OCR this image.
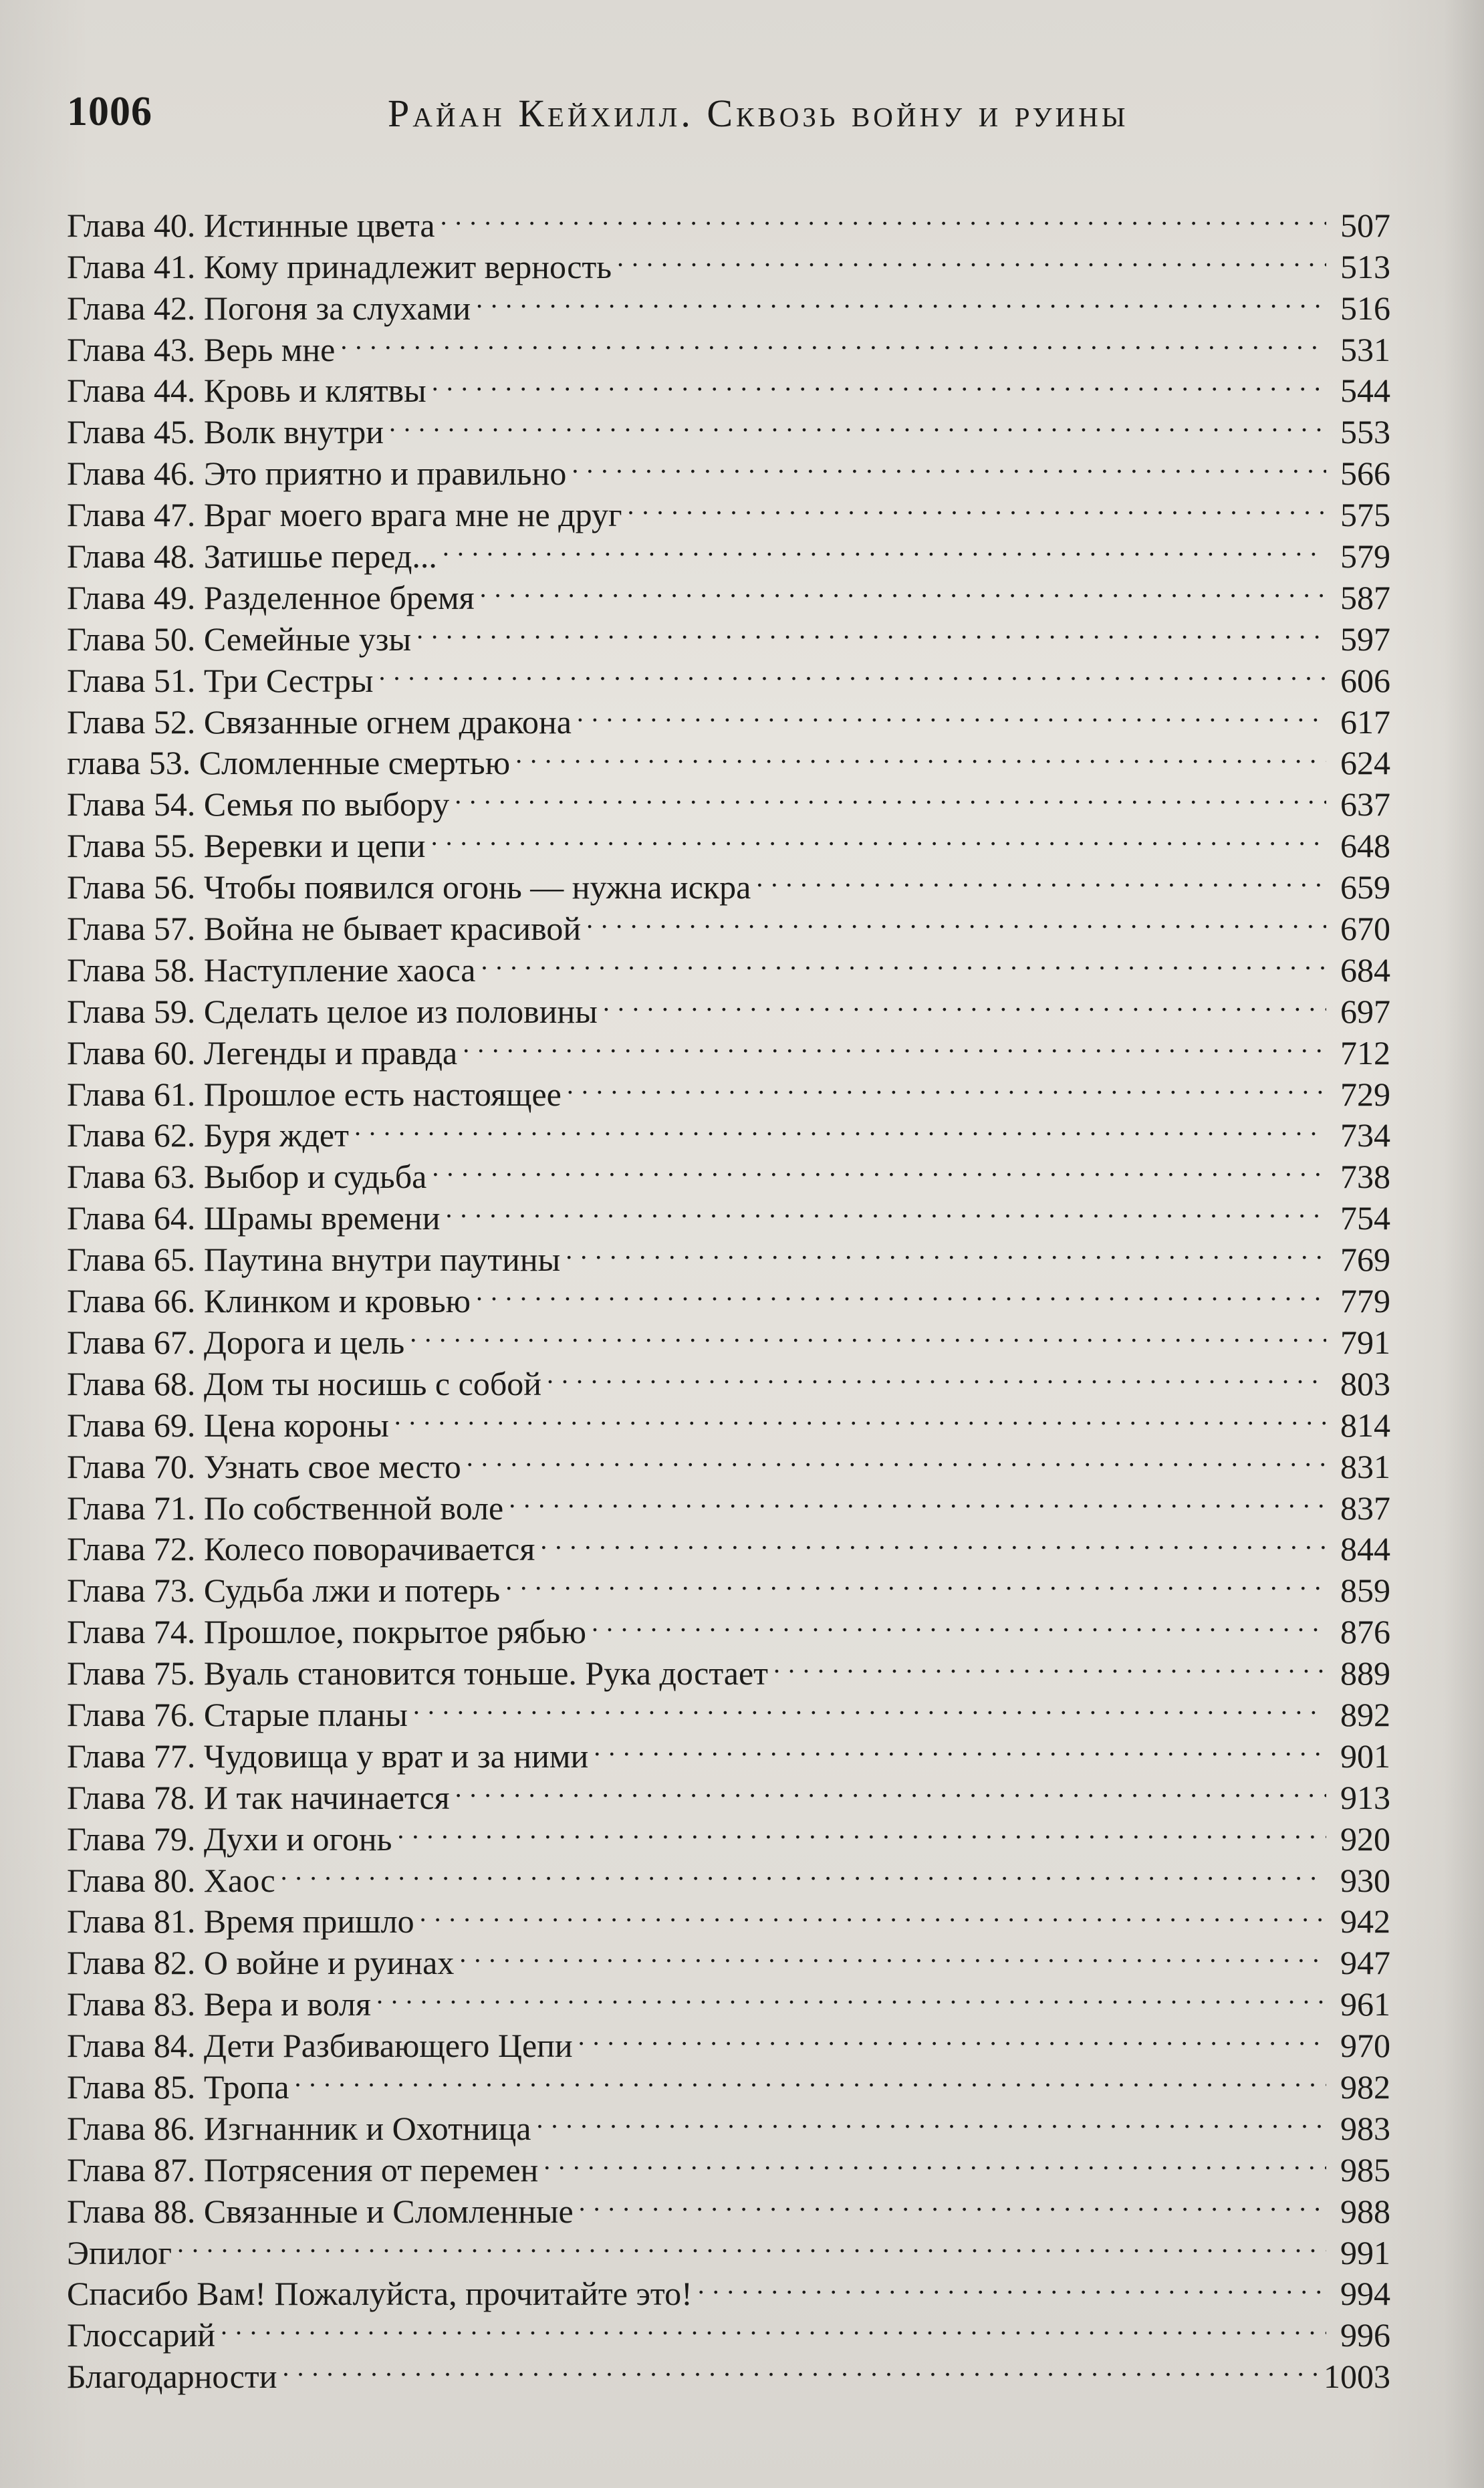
1006	Райан Кейхилл. Сквозь войну и руины
Глава 40. Истинные цвета . . .	507
Глава 41. Кому принадлежит верность . . .	513
Глава 42. Погоня за слухами . . .	516
Глава 43. Верь мне . . .	531
Глава 44. Кровь и клятвы . . .	544
Глава 45. Волк внутри . . .	553
Глава 46. Это приятно и правильно . . .	566
Глава 47. Враг моего врага мне не друг . . .	575
Глава 48. Затишье перед... . . .	579
Глава 49. Разделенное бремя . . .	587
Глава 50. Семейные узы . . .	597
Глава 51. Три Сестры . . .	606
Глава 52. Связанные огнем дракона . . .	617
глава 53. Сломленные смертью . . .	624
Глава 54. Семья по выбору . . .	637
Глава 55. Веревки и цепи . . .	648
Глава 56. Чтобы появился огонь — нужна искра . . .	659
Глава 57. Война не бывает красивой . . .	670
Глава 58. Наступление хаоса . . .	684
Глава 59. Сделать целое из половины . . .	697
Глава 60. Легенды и правда . . .	712
Глава 61. Прошлое есть настоящее . . .	729
Глава 62. Буря ждет . . .	734
Глава 63. Выбор и судьба . . .	738
Глава 64. Шрамы времени . . .	754
Глава 65. Паутина внутри паутины . . .	769
Глава 66. Клинком и кровью . . .	779
Глава 67. Дорога и цель . . .	791
Глава 68. Дом ты носишь с собой . . .	803
Глава 69. Цена короны . . .	814
Глава 70. Узнать свое место . . .	831
Глава 71. По собственной воле . . .	837
Глава 72. Колесо поворачивается . . .	844
Глава 73. Судьба лжи и потерь . . .	859
Глава 74. Прошлое, покрытое рябью . . .	876
Глава 75. Вуаль становится тоньше. Рука достает . . .	889
Глава 76. Старые планы . . .	892
Глава 77. Чудовища у врат и за ними . . .	901
Глава 78. И так начинается . . .	913
Глава 79. Духи и огонь . . .	920
Глава 80. Хаос . . .	930
Глава 81. Время пришло . . .	942
Глава 82. О войне и руинах . . .	947
Глава 83. Вера и воля . . .	961
Глава 84. Дети Разбивающего Цепи . . .	970
Глава 85. Тропа . . .	982
Глава 86. Изгнанник и Охотница . . .	983
Глава 87. Потрясения от перемен . . .	985
Глава 88. Связанные и Сломленные . . .	988
Эпилог . . .	991
Спасибо Вам! Пожалуйста, прочитайте это! . . .	994
Глоссарий . . .	996
Благодарности . . .	1003
